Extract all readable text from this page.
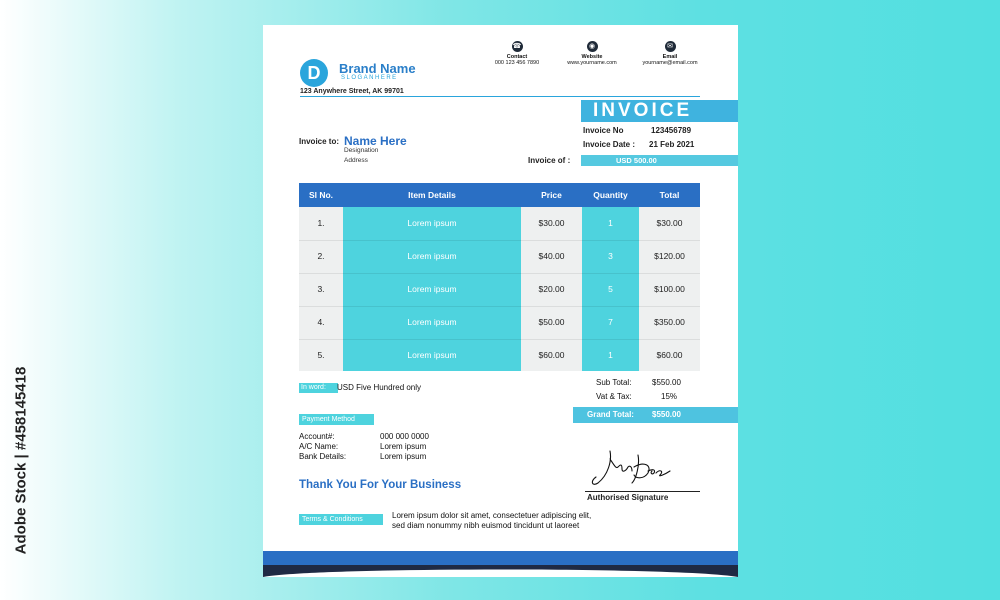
Adobe Stock | #458145418
D Brand Name
SLOGANHERE
123 Anywhere Street, AK 99701
☎
Contact
000 123 456 7890
◉
Website
www.yourname.com
✉
Email
yourname@email.com
INVOICE
Invoice No	123456789
Invoice Date : 21 Feb 2021
Invoice of :	USD 500.00
Invoice to: Name Here
Designation
Address
Sl No.	Item Details	Price	Quantity	Total
1.	Lorem ipsum	$30.00	1	$30.00
2.	Lorem ipsum	$40.00	3	$120.00
3.	Lorem ipsum	$20.00	5	$100.00
4.	Lorem ipsum	$50.00	7	$350.00
5.	Lorem ipsum	$60.00	1	$60.00
In word:	USD Five Hundred only
Sub Total:	$550.00
Vat & Tax:	15%
Grand Total: $550.00
Payment Method
Account#:	000 000 0000
A/C Name:	Lorem ipsum
Bank Details:	Lorem ipsum
Authorised Signature
Thank You For Your Business
Terms & Conditions	Lorem ipsum dolor sit amet, consectetuer adipiscing elit,
sed diam nonummy nibh euismod tincidunt ut laoreet
